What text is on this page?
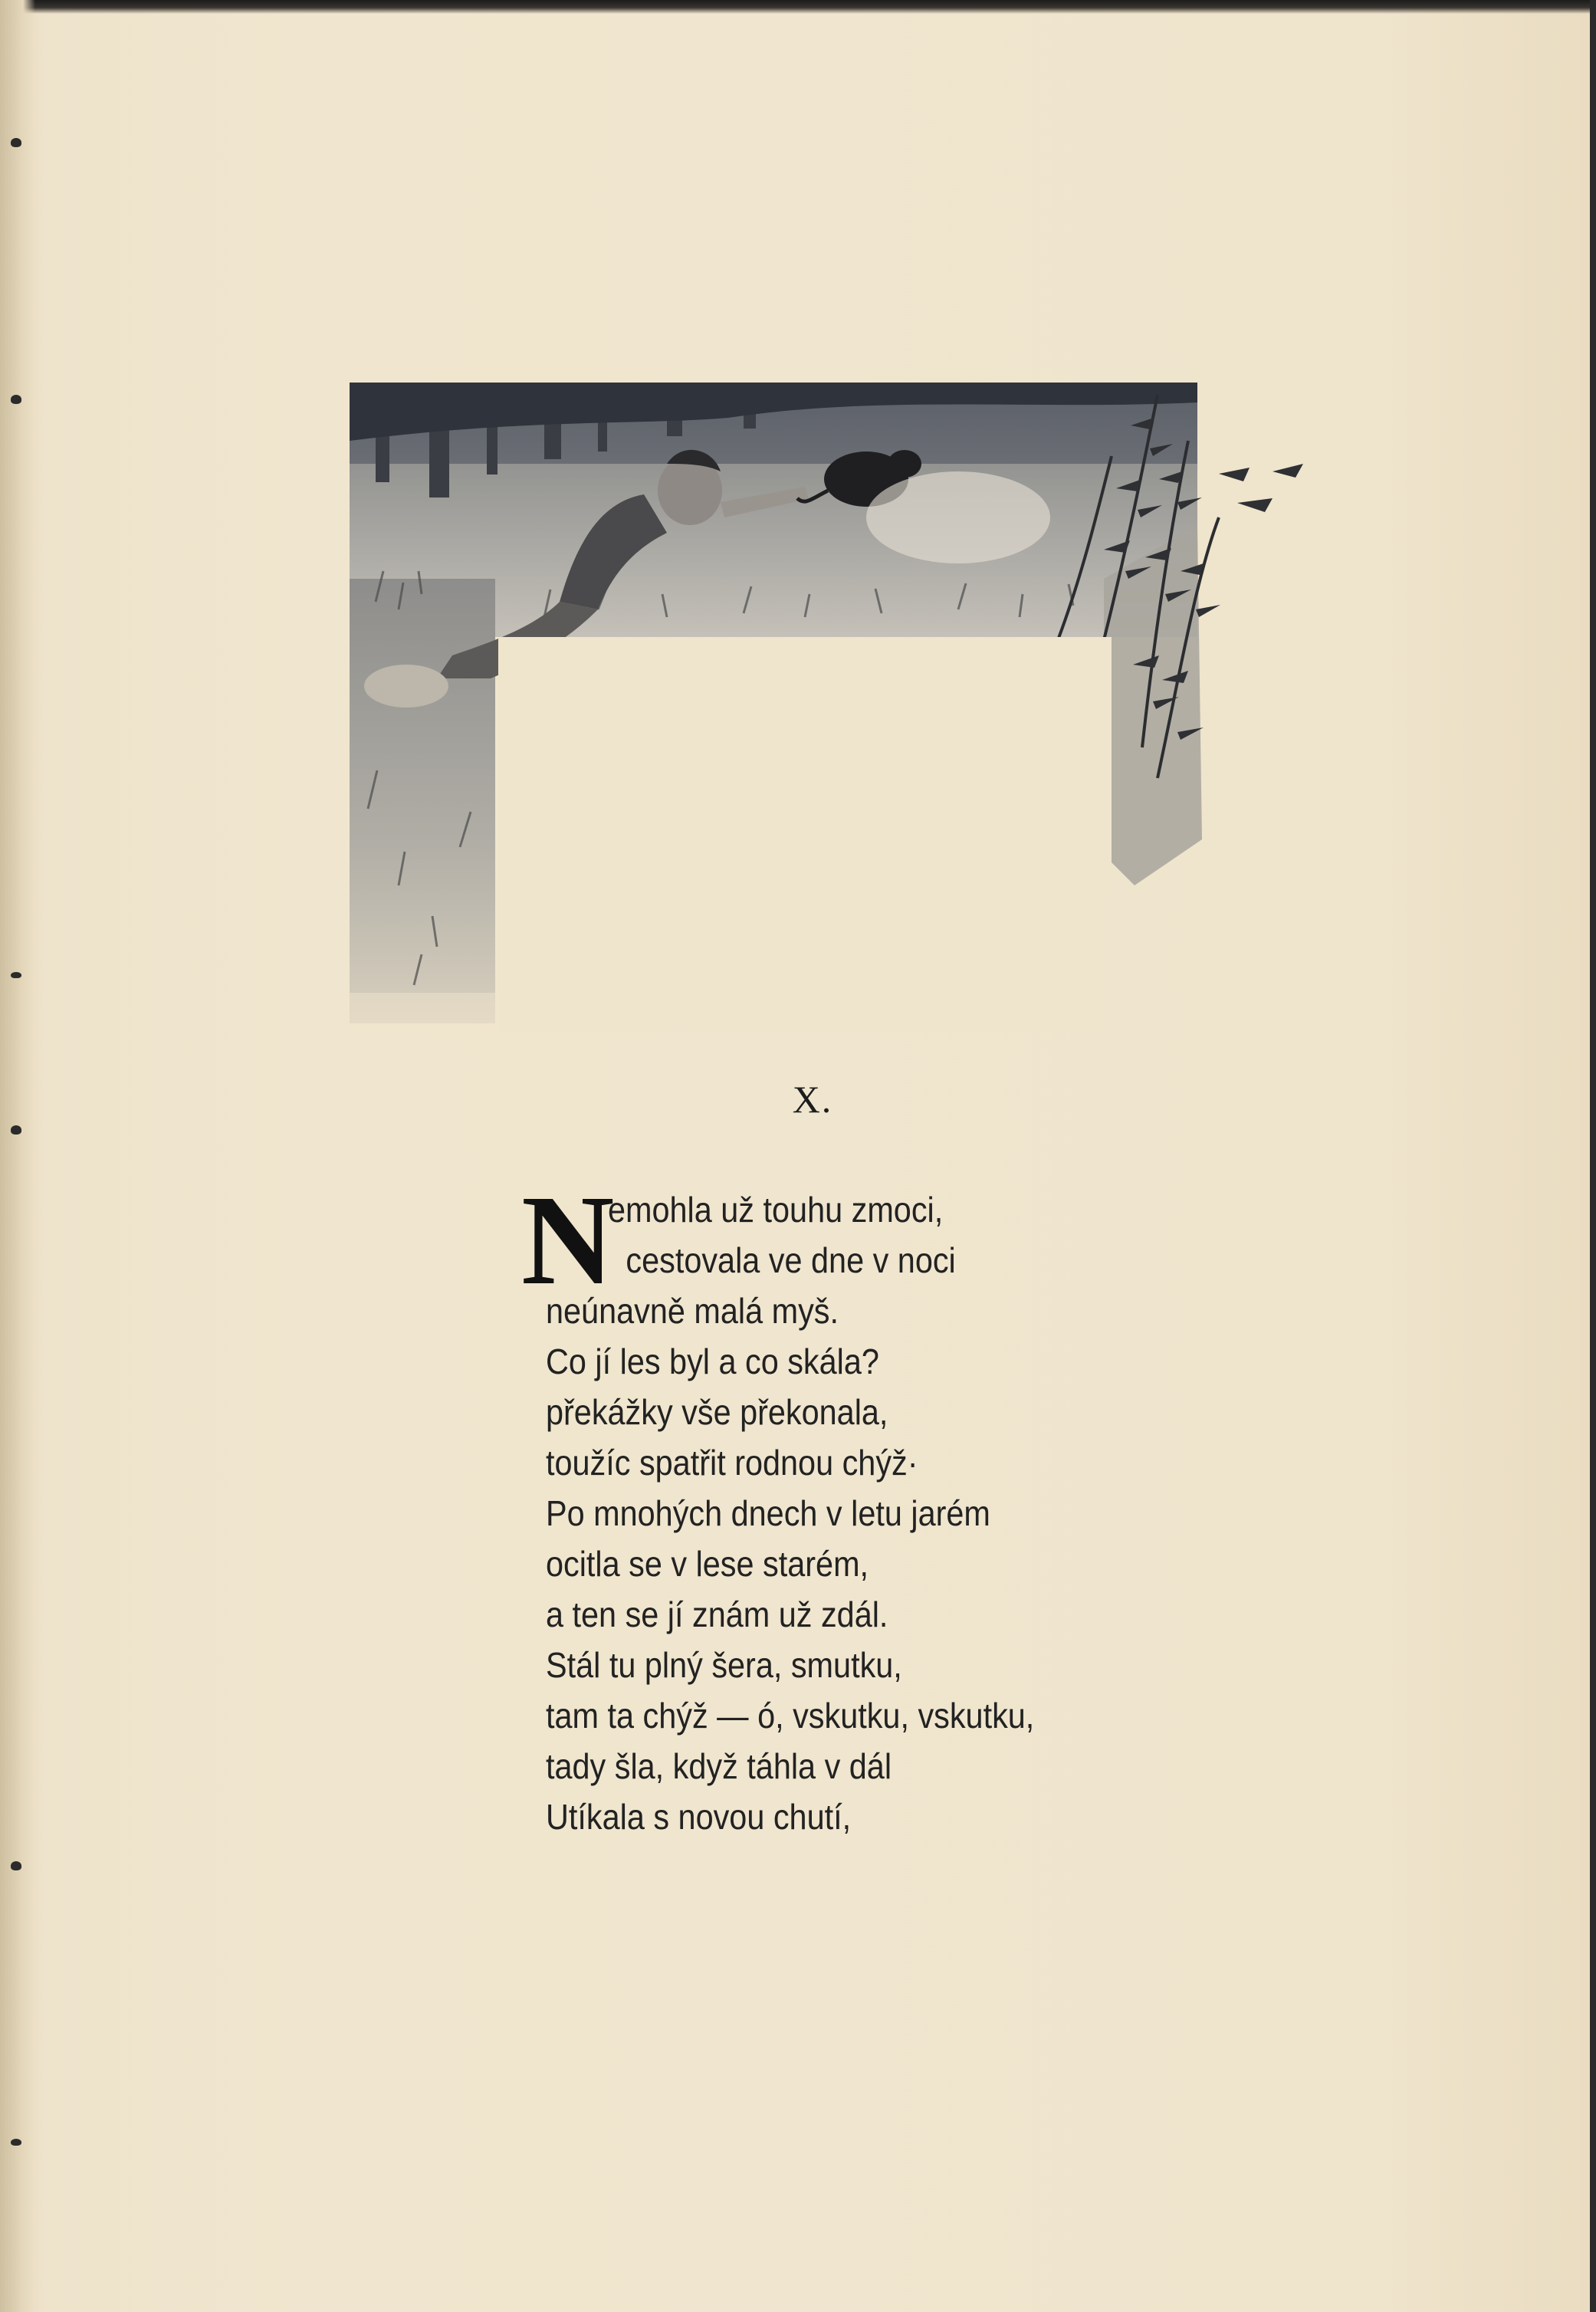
X.
N
emohla už touhu zmoci,
cestovala ve dne v noci
neúnavně malá myš.
Co jí les byl a co skála?
překážky vše překonala,
toužíc spatřit rodnou chýž·
Po mnohých dnech v letu jarém
ocitla se v lese starém,
a ten se jí znám už zdál.
Stál tu plný šera, smutku,
tam ta chýž — ó, vskutku, vskutku,
tady šla, když táhla v dál
Utíkala s novou chutí,
